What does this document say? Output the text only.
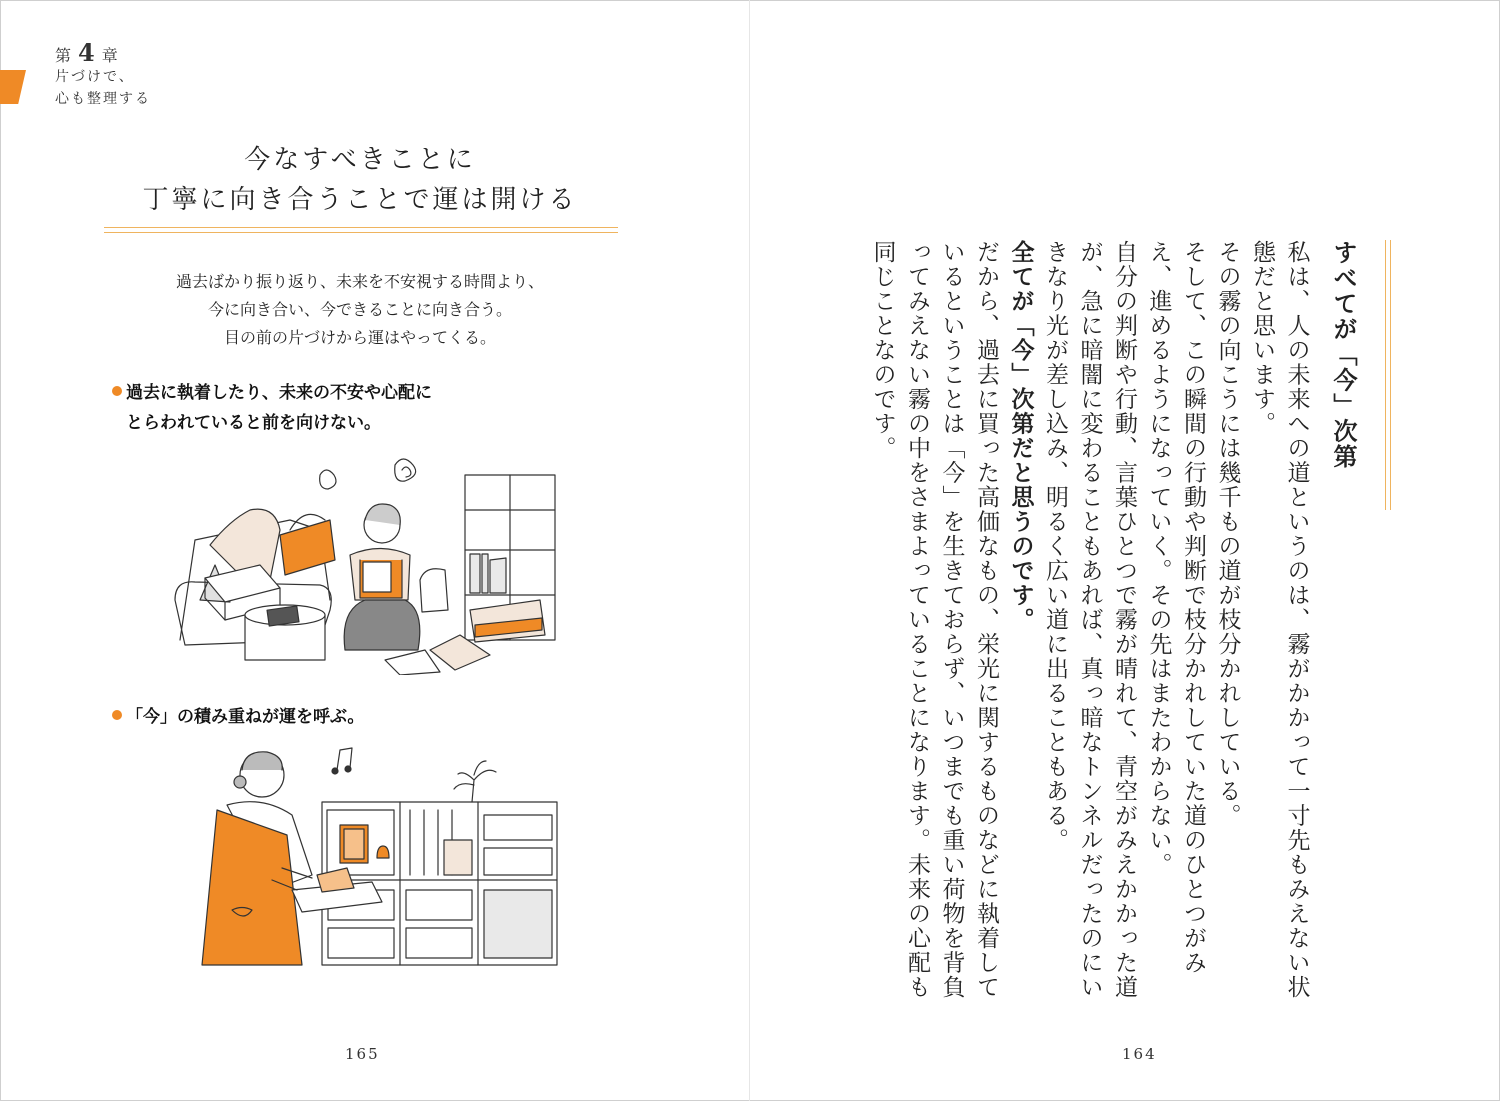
第 4 章
片づけで、
心も整理する
今なすべきことに
丁寧に向き合うことで運は開ける
過去ばかり振り返り、未来を不安視する時間より、
今に向き合い、今できることに向き合う。
目の前の片づけから運はやってくる。
過去に執着したり、未来の不安や心配に
とらわれていると前を向けない。
「今」の積み重ねが運を呼ぶ。
165

すべてが「今」次第

私は、人の未来への道というのは、霧がかかって一寸先もみえない状態だと思います。

その霧の向こうには幾千もの道が枝分かれしている。

そして、この瞬間の行動や判断で枝分かれしていた道のひとつがみえ、進めるようになっていく。その先はまたわからない。

自分の判断や行動、言葉ひとつで霧が晴れて、青空がみえかかった道が、急に暗闇に変わることもあれば、真っ暗なトンネルだったのにいきなり光が差し込み、明るく広い道に出ることもある。

全てが「今」次第だと思うのです。

だから、過去に買った高価なもの、栄光に関するものなどに執着しているということは「今」を生きておらず、いつまでも重い荷物を背負ってみえない霧の中をさまよっていることになります。未来の心配も同じことなのです。

164
